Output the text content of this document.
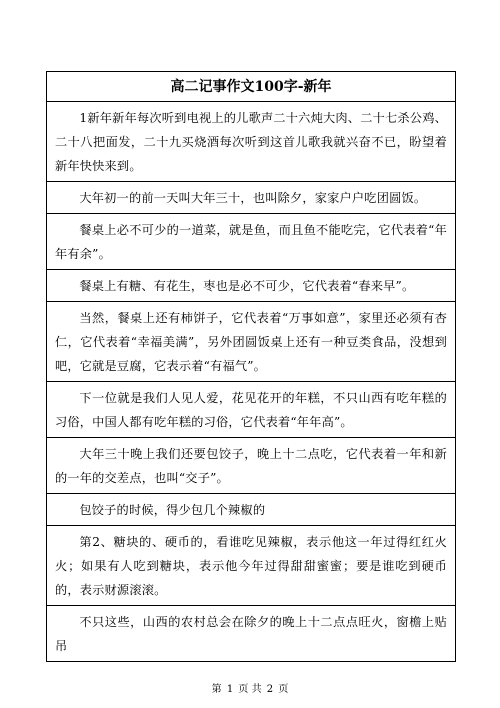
高二记事作文100字-新年
1新年新年每次听到电视上的儿歌声二十六炖大肉、二十七杀公鸡、二十八把面发，二十九买烧酒每次听到这首儿歌我就兴奋不已，盼望着新年快快来到。
大年初一的前一天叫大年三十，也叫除夕，家家户户吃团圆饭。
餐桌上必不可少的一道菜，就是鱼，而且鱼不能吃完，它代表着“年年有余”。
餐桌上有糖、有花生，枣也是必不可少，它代表着“春来早”。
当然，餐桌上还有柿饼子，它代表着“万事如意”，家里还必须有杏仁，它代表着“幸福美满”，另外团圆饭桌上还有一种豆类食品，没想到吧，它就是豆腐，它表示着“有福气”。
下一位就是我们人见人爱，花见花开的年糕，不只山西有吃年糕的习俗，中国人都有吃年糕的习俗，它代表着“年年高”。
大年三十晚上我们还要包饺子，晚上十二点吃，它代表着一年和新的一年的交差点，也叫“交子”。
包饺子的时候，得少包几个辣椒的
第2、糖块的、硬币的，看谁吃见辣椒，表示他这一年过得红红火火；如果有人吃到糖块，表示他今年过得甜甜蜜蜜；要是谁吃到硬币的，表示财源滚滚。
不只这些，山西的农村总会在除夕的晚上十二点点旺火，窗檐上贴吊
第 1 页 共 2 页
